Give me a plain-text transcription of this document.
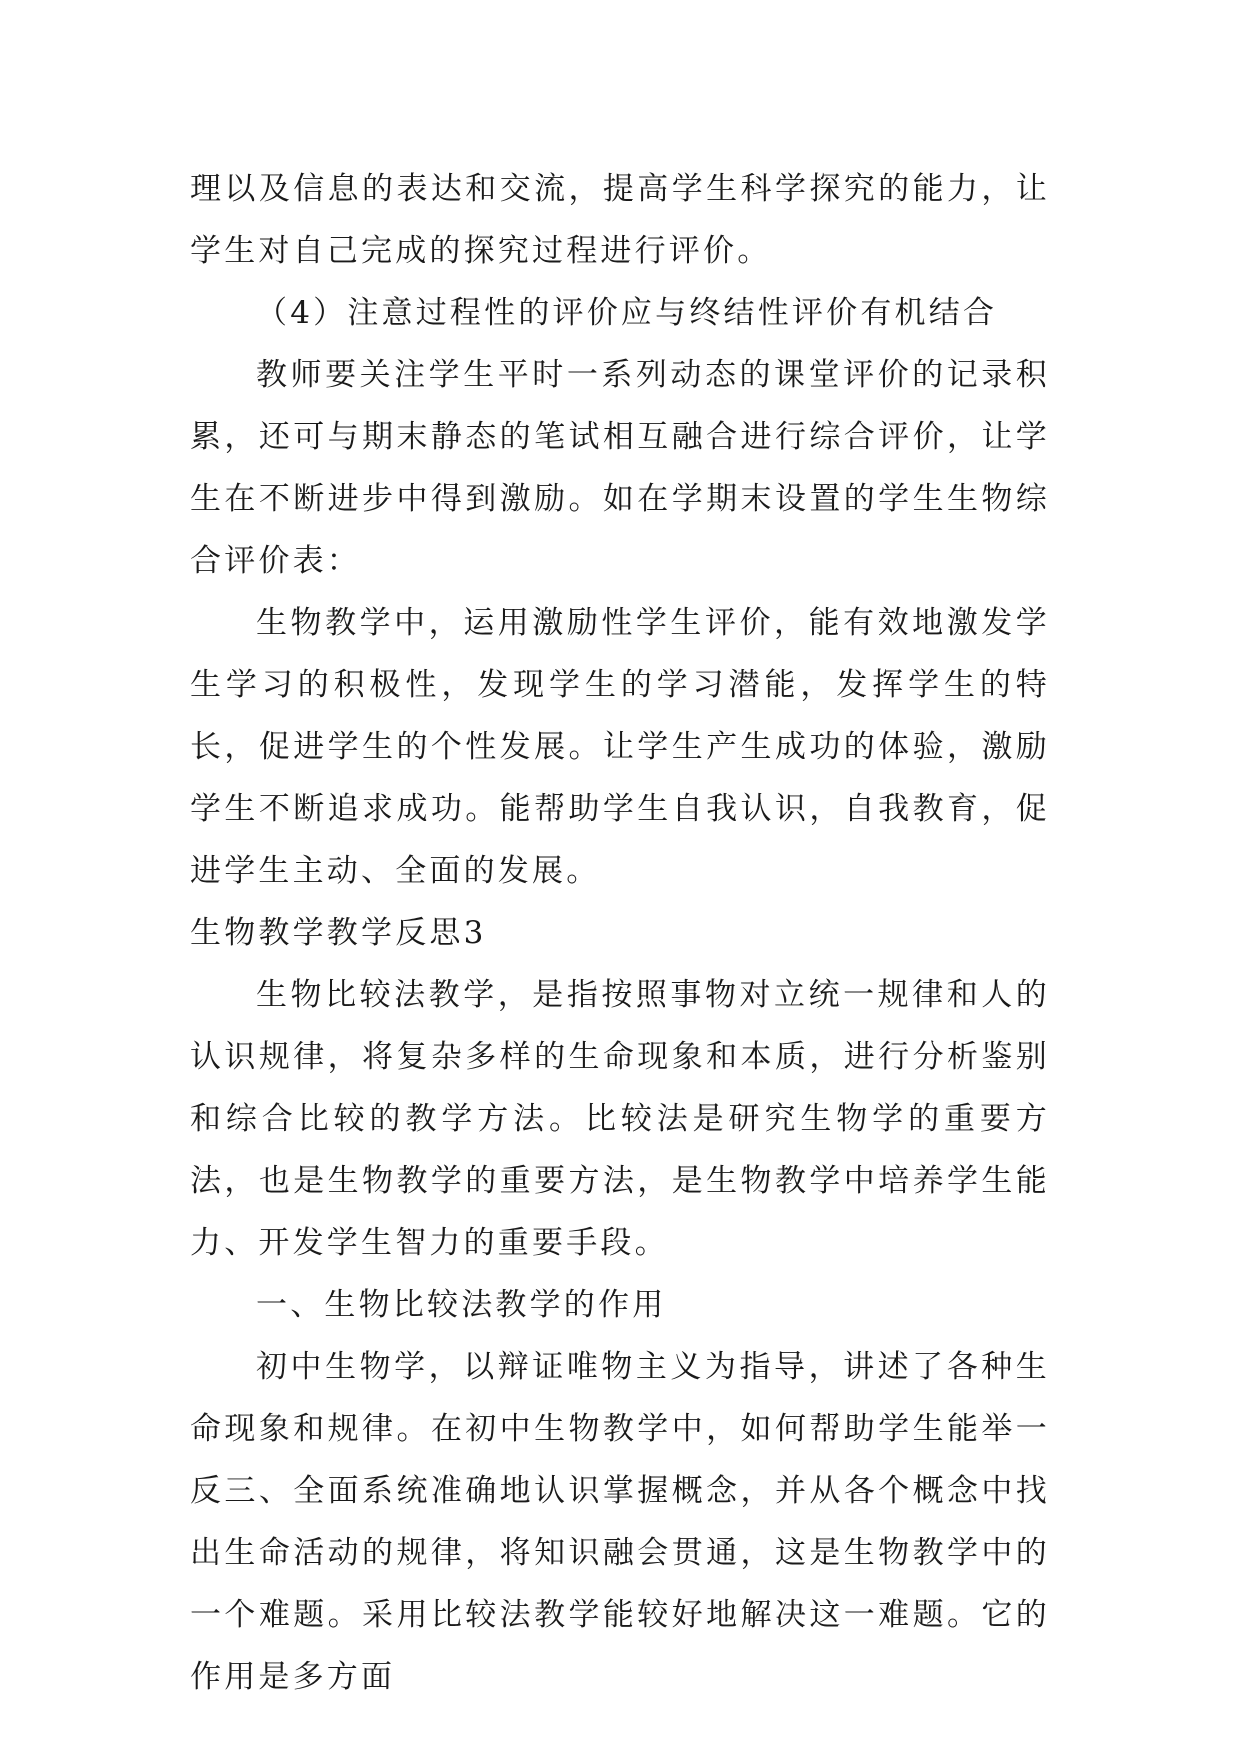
理以及信息的表达和交流，提高学生科学探究的能力，让学生对自己完成的探究过程进行评价。

（4）注意过程性的评价应与终结性评价有机结合

教师要关注学生平时一系列动态的课堂评价的记录积累，还可与期末静态的笔试相互融合进行综合评价，让学生在不断进步中得到激励。如在学期末设置的学生生物综合评价表：

生物教学中，运用激励性学生评价，能有效地激发学生学习的积极性，发现学生的学习潜能，发挥学生的特长，促进学生的个性发展。让学生产生成功的体验，激励学生不断追求成功。能帮助学生自我认识，自我教育，促进学生主动、全面的发展。

生物教学教学反思3

生物比较法教学，是指按照事物对立统一规律和人的认识规律，将复杂多样的生命现象和本质，进行分析鉴别和综合比较的教学方法。比较法是研究生物学的重要方法，也是生物教学的重要方法，是生物教学中培养学生能力、开发学生智力的重要手段。

一、生物比较法教学的作用

初中生物学，以辩证唯物主义为指导，讲述了各种生命现象和规律。在初中生物教学中，如何帮助学生能举一反三、全面系统准确地认识掌握概念，并从各个概念中找出生命活动的规律，将知识融会贯通，这是生物教学中的一个难题。采用比较法教学能较好地解决这一难题。它的作用是多方面
